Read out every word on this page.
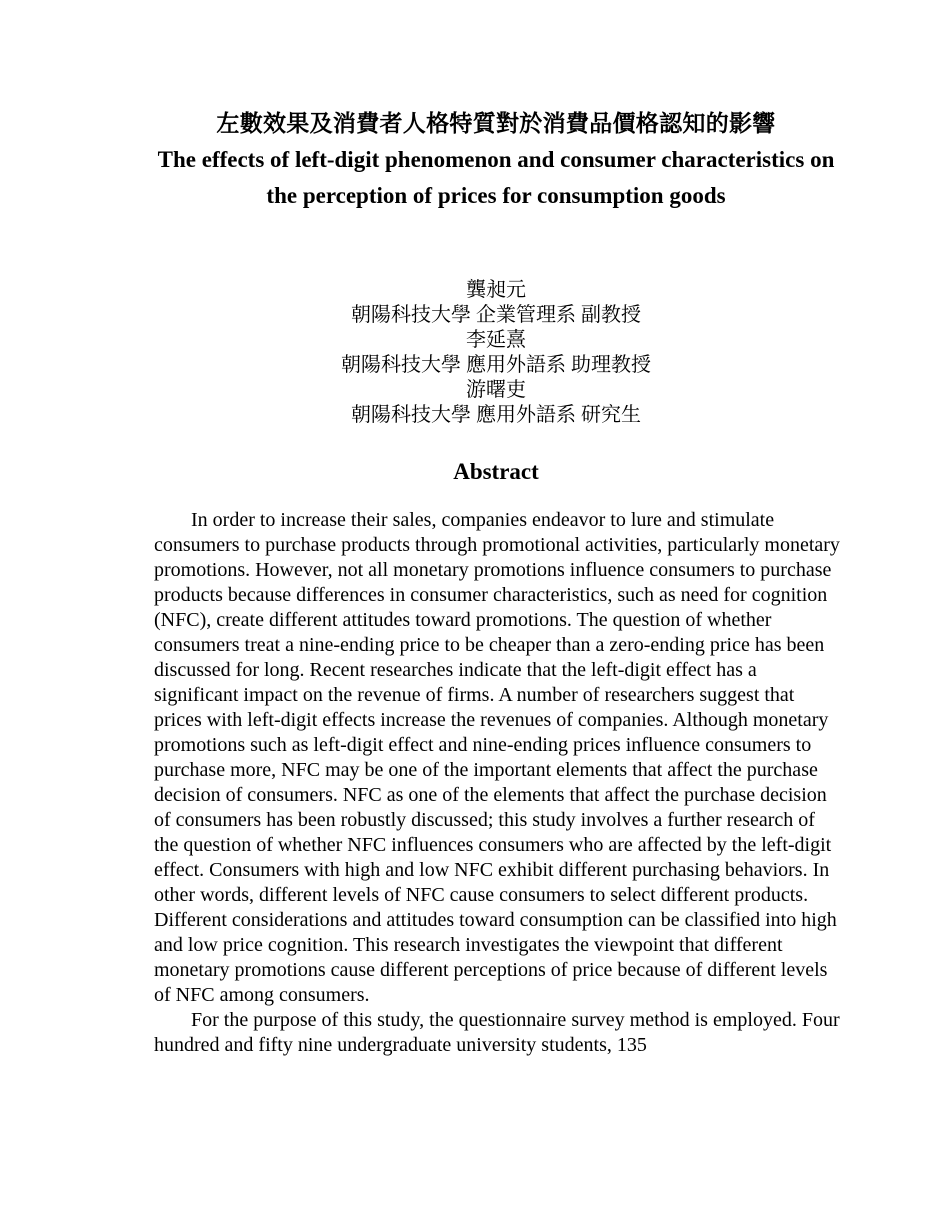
左數效果及消費者人格特質對於消費品價格認知的影響
The effects of left-digit phenomenon and consumer characteristics on the perception of prices for consumption goods
龔昶元
朝陽科技大學 企業管理系 副教授
李延熹
朝陽科技大學 應用外語系 助理教授
游曙吏
朝陽科技大學 應用外語系 研究生
Abstract

In order to increase their sales, companies endeavor to lure and stimulate consumers to purchase products through promotional activities, particularly monetary promotions. However, not all monetary promotions influence consumers to purchase products because differences in consumer characteristics, such as need for cognition (NFC), create different attitudes toward promotions. The question of whether consumers treat a nine-ending price to be cheaper than a zero-ending price has been discussed for long. Recent researches indicate that the left-digit effect has a significant impact on the revenue of firms. A number of researchers suggest that prices with left-digit effects increase the revenues of companies. Although monetary promotions such as left-digit effect and nine-ending prices influence consumers to purchase more, NFC may be one of the important elements that affect the purchase decision of consumers. NFC as one of the elements that affect the purchase decision of consumers has been robustly discussed; this study involves a further research of the question of whether NFC influences consumers who are affected by the left-digit effect. Consumers with high and low NFC exhibit different purchasing behaviors. In other words, different levels of NFC cause consumers to select different products. Different considerations and attitudes toward consumption can be classified into high and low price cognition. This research investigates the viewpoint that different monetary promotions cause different perceptions of price because of different levels of NFC among consumers.

For the purpose of this study, the questionnaire survey method is employed. Four hundred and fifty nine undergraduate university students, 135
